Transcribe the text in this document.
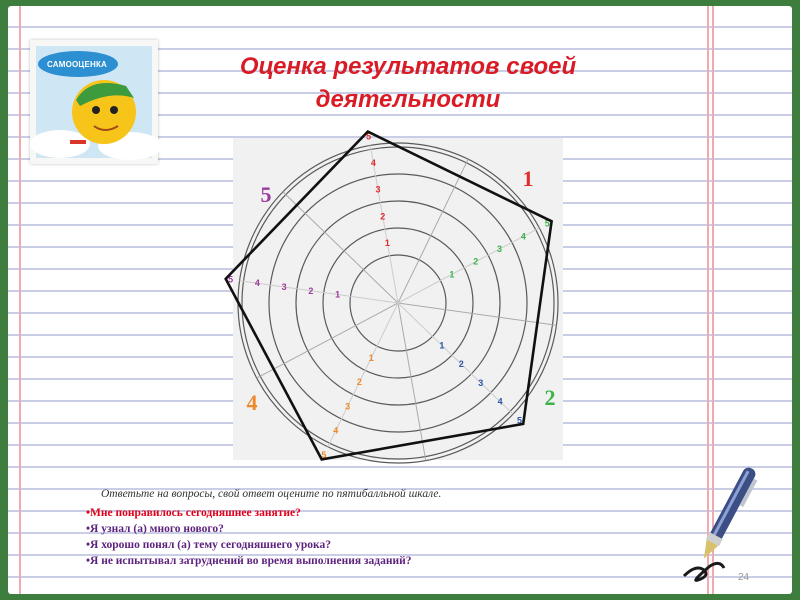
САМООЦЕНКА	Оценка результатов своей
деятельности
1
2
3
4
5
1
2
3
4
5
1
2
3
4
5
1
2
3
4
5
1
2
3
4
5
1
2
4
5
Ответьте на вопросы, свой ответ оцените по пятибалльной шкале.
•Мне понравилось сегодняшнее занятие?
•Я узнал (а) много нового?
•Я хорошо понял (а) тему сегодняшнего урока?
•Я не испытывал затруднений во время выполнения заданий?
24
